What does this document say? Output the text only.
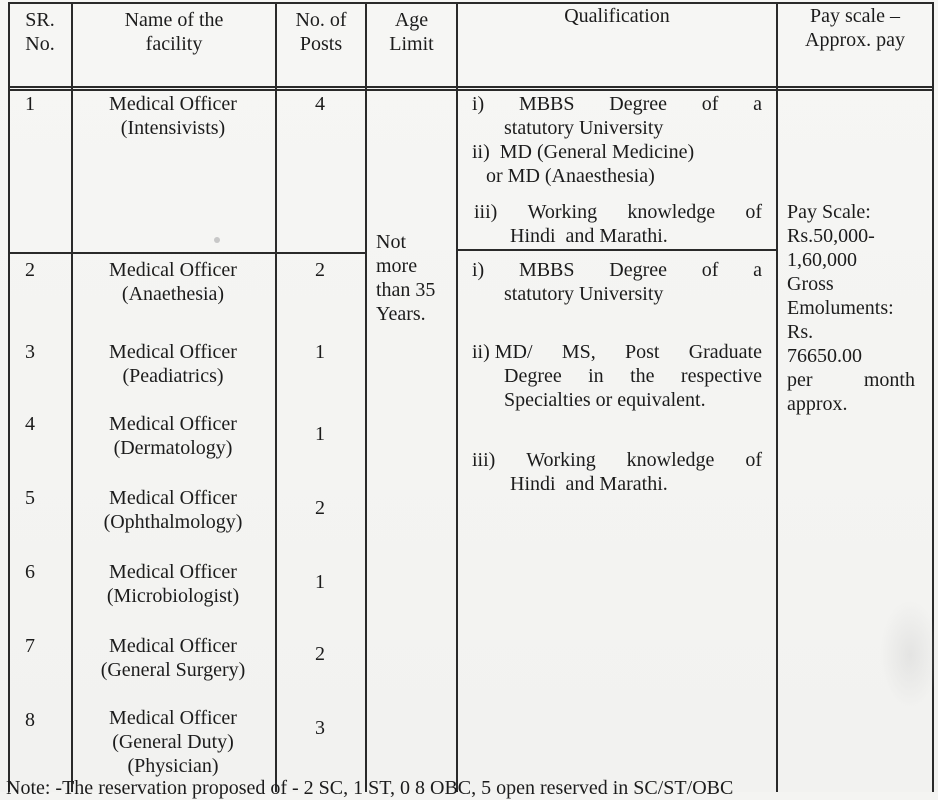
SR.
No.
Name of the
facility
No. of
Posts
Age
Limit
Qualification	Pay scale –
Approx. pay
1
2
3
4
5
6
7
8
Medical Officer
(Intensivists)
Medical Officer
(Anaethesia)
Medical Officer
(Peadiatrics)
Medical Officer
(Dermatology)
Medical Officer
(Ophthalmology)
Medical Officer
(Microbiologist)
Medical Officer
(General Surgery)
Medical Officer
(General Duty)
(Physician)
4
2
1
1
2
1
2
3
Not
more
than 35
Years.
i) MBBS Degree of a
statutory University
ii)  MD (General Medicine)
or MD (Anaesthesia)
iii) Working knowledge of
Hindi  and Marathi.
i) MBBS Degree of a
statutory University
ii) MD/ MS, Post Graduate
Degree in the respective
Specialties or equivalent.
iii) Working knowledge of
Hindi  and Marathi.
Pay Scale:
Rs.50,000-
1,60,000
Gross
Emoluments:
Rs.
76650.00
per	month
approx.
Note: -The reservation proposed of - 2 SC, 1 ST, 0 8 OBC, 5 open reserved in SC/ST/OBC
